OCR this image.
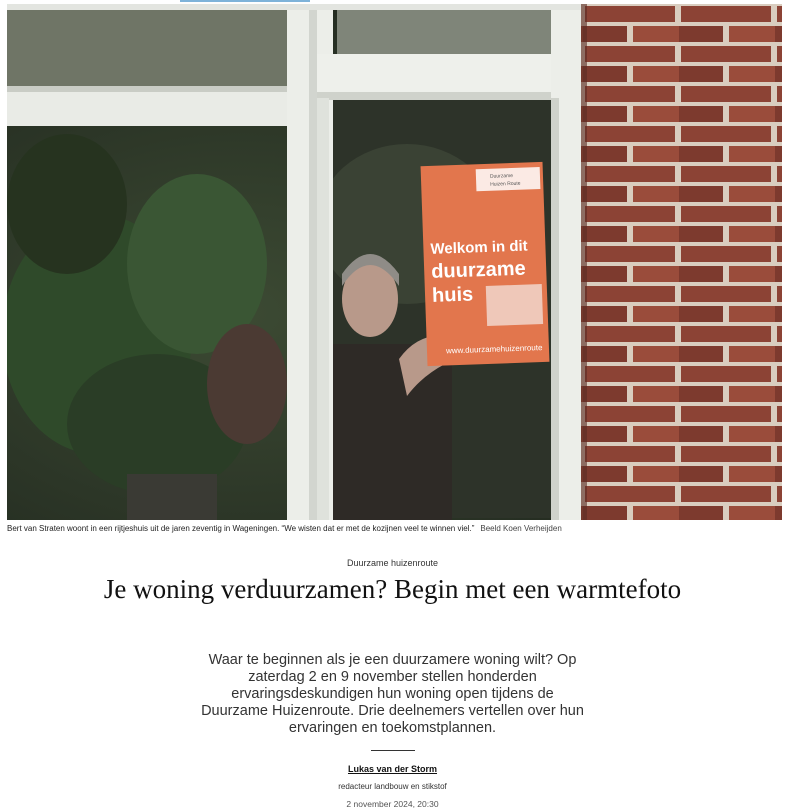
Duurzame
Huizen Route
Welkom in dit
duurzame
huis
www.duurzamehuizenroute
Bert van Straten woont in een rijtjeshuis uit de jaren zeventig in Wageningen. “We wisten dat er met de kozijnen veel te winnen viel.” Beeld Koen Verheijden
Duurzame huizenroute
Je woning verduurzamen? Begin met een warmtefoto

Waar te beginnen als je een duurzamere woning wilt? Op zaterdag 2 en 9 november stellen honderden ervaringsdeskundigen hun woning open tijdens de Duurzame Huizenroute. Drie deelnemers vertellen over hun ervaringen en toekomstplannen.

Lukas van der Storm
redacteur landbouw en stikstof
2 november 2024, 20:30
